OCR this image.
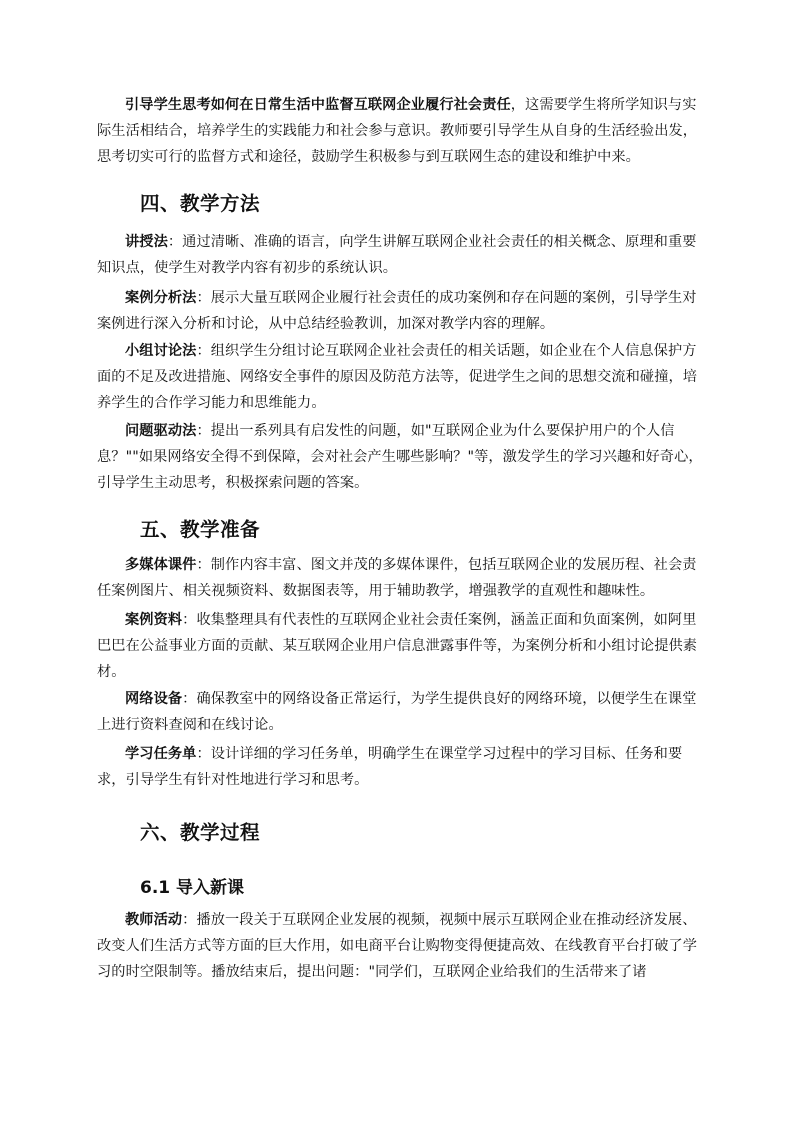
引导学生思考如何在日常生活中监督互联网企业履行社会责任，这需要学生将所学知识与实际生活相结合，培养学生的实践能力和社会参与意识。教师要引导学生从自身的生活经验出发，思考切实可行的监督方式和途径，鼓励学生积极参与到互联网生态的建设和维护中来。

四、教学方法

讲授法：通过清晰、准确的语言，向学生讲解互联网企业社会责任的相关概念、原理和重要知识点，使学生对教学内容有初步的系统认识。

案例分析法：展示大量互联网企业履行社会责任的成功案例和存在问题的案例，引导学生对案例进行深入分析和讨论，从中总结经验教训，加深对教学内容的理解。

小组讨论法：组织学生分组讨论互联网企业社会责任的相关话题，如企业在个人信息保护方面的不足及改进措施、网络安全事件的原因及防范方法等，促进学生之间的思想交流和碰撞，培养学生的合作学习能力和思维能力。

问题驱动法：提出一系列具有启发性的问题，如"互联网企业为什么要保护用户的个人信息？""如果网络安全得不到保障，会对社会产生哪些影响？"等，激发学生的学习兴趣和好奇心，引导学生主动思考，积极探索问题的答案。

五、教学准备

多媒体课件：制作内容丰富、图文并茂的多媒体课件，包括互联网企业的发展历程、社会责任案例图片、相关视频资料、数据图表等，用于辅助教学，增强教学的直观性和趣味性。

案例资料：收集整理具有代表性的互联网企业社会责任案例，涵盖正面和负面案例，如阿里巴巴在公益事业方面的贡献、某互联网企业用户信息泄露事件等，为案例分析和小组讨论提供素材。

网络设备：确保教室中的网络设备正常运行，为学生提供良好的网络环境，以便学生在课堂上进行资料查阅和在线讨论。

学习任务单：设计详细的学习任务单，明确学生在课堂学习过程中的学习目标、任务和要求，引导学生有针对性地进行学习和思考。

六、教学过程
6.1 导入新课

教师活动：播放一段关于互联网企业发展的视频，视频中展示互联网企业在推动经济发展、改变人们生活方式等方面的巨大作用，如电商平台让购物变得便捷高效、在线教育平台打破了学习的时空限制等。播放结束后，提出问题："同学们，互联网企业给我们的生活带来了诸
